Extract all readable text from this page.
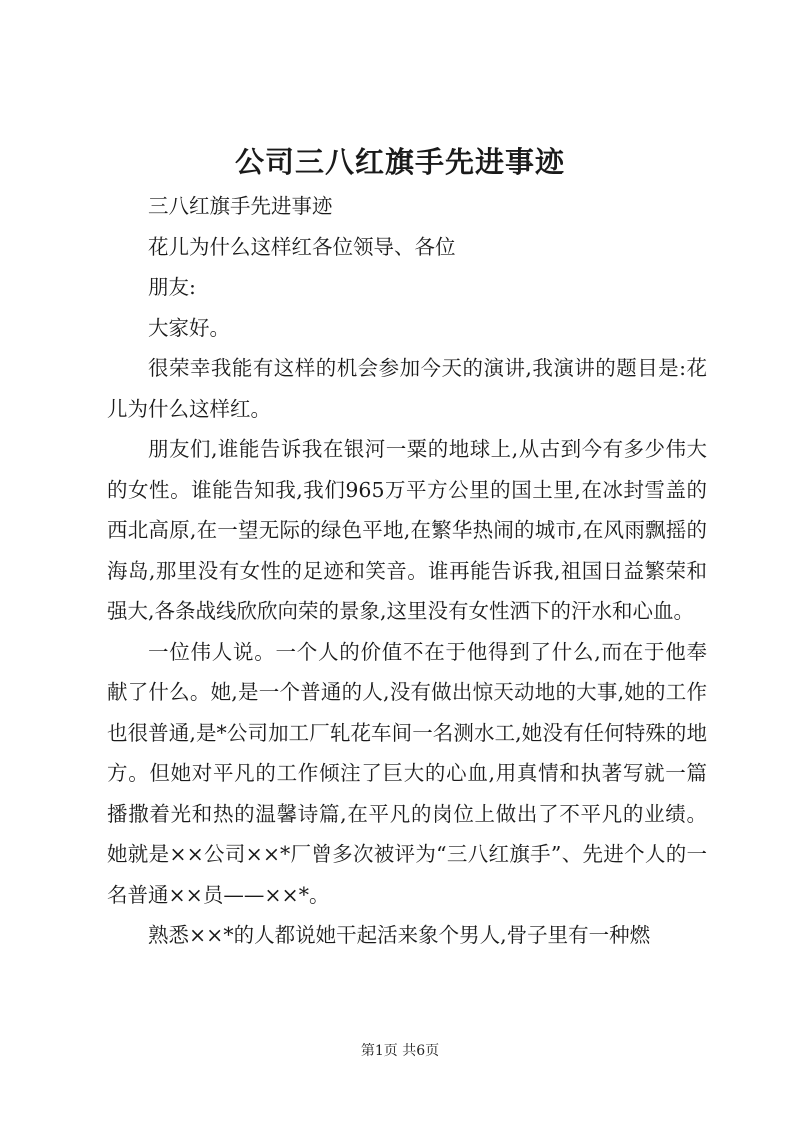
公司三八红旗手先进事迹

三八红旗手先进事迹

花儿为什么这样红各位领导、各位

朋友:

大家好。

很荣幸我能有这样的机会参加今天的演讲,我演讲的题目是:花儿为什么这样红。

朋友们,谁能告诉我在银河一粟的地球上,从古到今有多少伟大的女性。谁能告知我,我们965万平方公里的国土里,在冰封雪盖的西北高原,在一望无际的绿色平地,在繁华热闹的城市,在风雨飘摇的海岛,那里没有女性的足迹和笑音。谁再能告诉我,祖国日益繁荣和强大,各条战线欣欣向荣的景象,这里没有女性洒下的汗水和心血。

一位伟人说。一个人的价值不在于他得到了什么,而在于他奉献了什么。她,是一个普通的人,没有做出惊天动地的大事,她的工作也很普通,是*公司加工厂轧花车间一名测水工,她没有任何特殊的地方。但她对平凡的工作倾注了巨大的心血,用真情和执著写就一篇播撒着光和热的温馨诗篇,在平凡的岗位上做出了不平凡的业绩。她就是××公司××*厂曾多次被评为“三八红旗手”、先进个人的一名普通××员——××*。

熟悉××*的人都说她干起活来象个男人,骨子里有一种燃

第1页 共6页
